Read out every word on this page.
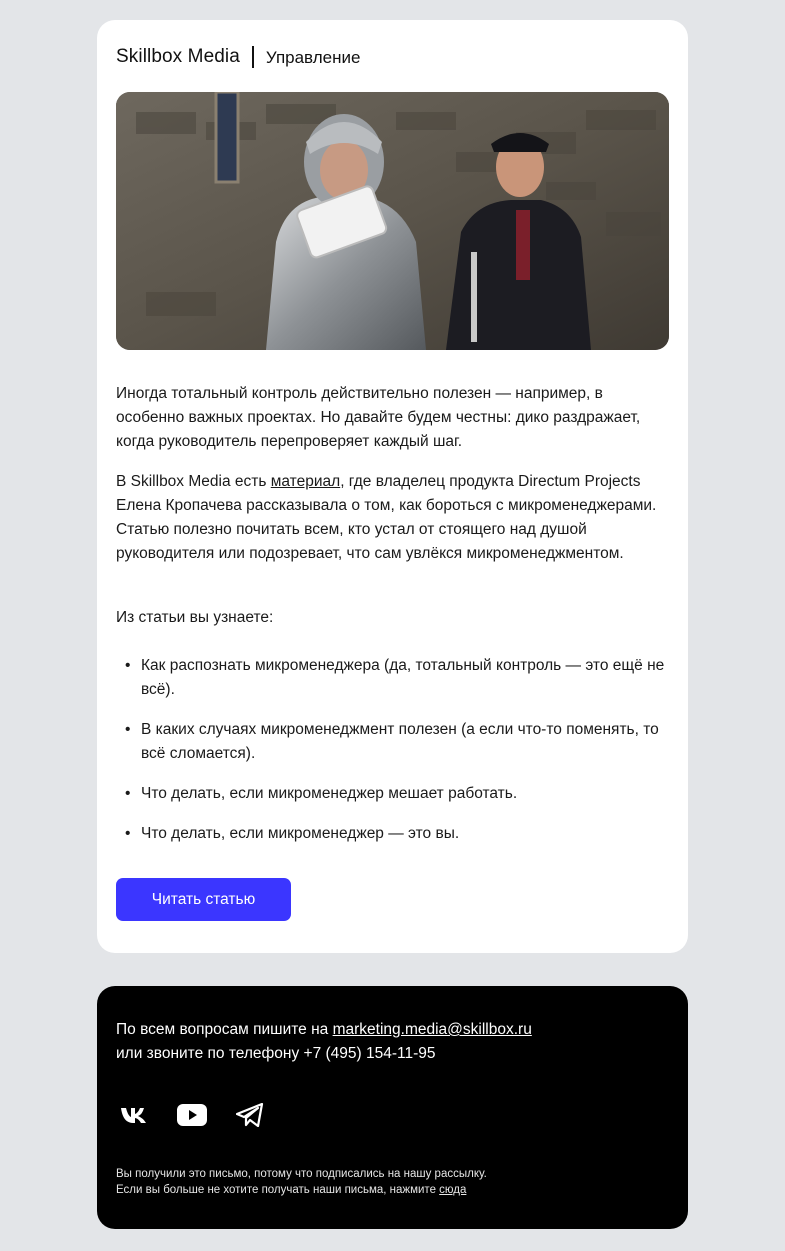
Skillbox Media Управление
Иногда тотальный контроль действительно полезен — например, в особенно важных проектах. Но давайте будем честны: дико раздражает, когда руководитель перепроверяет каждый шаг.
В Skillbox Media есть материал, где владелец продукта Directum Projects Елена Кропачева рассказывала о том, как бороться с микроменеджерами. Статью полезно почитать всем, кто устал от стоящего над душой руководителя или подозревает, что сам увлёкся микроменеджментом.
Из статьи вы узнаете:
• Как распознать микроменеджера (да, тотальный контроль — это ещё не всё).
• В каких случаях микроменеджмент полезен (а если что-то поменять, то всё сломается).
• Что делать, если микроменеджер мешает работать.
• Что делать, если микроменеджер — это вы.
Читать статью
По всем вопросам пишите на marketing.media@skillbox.ru
или звоните по телефону +7 (495) 154-11-95
Вы получили это письмо, потому что подписались на нашу рассылку.
Если вы больше не хотите получать наши письма, нажмите сюда
